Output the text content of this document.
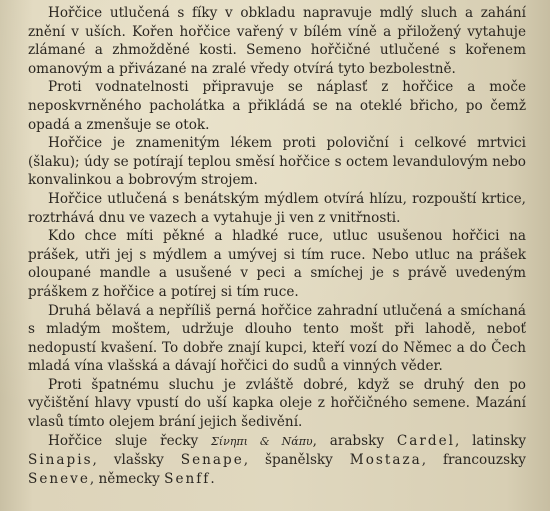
Hořčice utlučená s fíky v obkladu napravuje mdlý sluch a zahání znění v uších. Kořen hořčice vařený v bílém víně a přiložený vytahuje zlámané a zhmožděné kosti. Semeno hořčičné utlučené s kořenem omanovým a přivázané na zralé vředy otvírá tyto bezbolestně.

Proti vodnatelnosti připravuje se náplasť z hořčice a moče neposkvrněného pacholátka a přikládá se na oteklé břicho, po čemž opadá a zmenšuje se otok.

Hořčice je znamenitým lékem proti poloviční i celkové mrtvici (šlaku); údy se potírají teplou směsí hořčice s octem levandulovým nebo konvalinkou a bobrovým strojem.

Hořčice utlučená s benátským mýdlem otvírá hlízu, rozpouští krtice, roztrhává dnu ve vazech a vytahuje ji ven z vnitřnosti.

Kdo chce míti pěkné a hladké ruce, utluc usušenou hořčici na prášek, utři jej s mýdlem a umývej si tím ruce. Nebo utluc na prášek oloupané mandle a usušené v peci a smíchej je s právě uvedeným práškem z hořčice a potírej si tím ruce.

Druhá bělavá a nepříliš perná hořčice zahradní utlučená a smíchaná s mladým moštem, udržuje dlouho tento mošt při lahodě, neboť nedopustí kvašení. To dobře znají kupci, kteří vozí do Němec a do Čech mladá vína vlašská a dávají hořčici do sudů a vinných věder.

Proti špatnému sluchu je zvláště dobré, když se druhý den po vyčištění hlavy vpustí do uší kapka oleje z hořčičného semene. Mazání vlasů tímto olejem brání jejich šedivění.

Hořčice sluje řecky Σίνηπι & Νάπυ, arabsky Cardel, latinsky Sinapis, vlašsky Senape, španělsky Mostaza, francouzsky Seneve, německy Senff.
